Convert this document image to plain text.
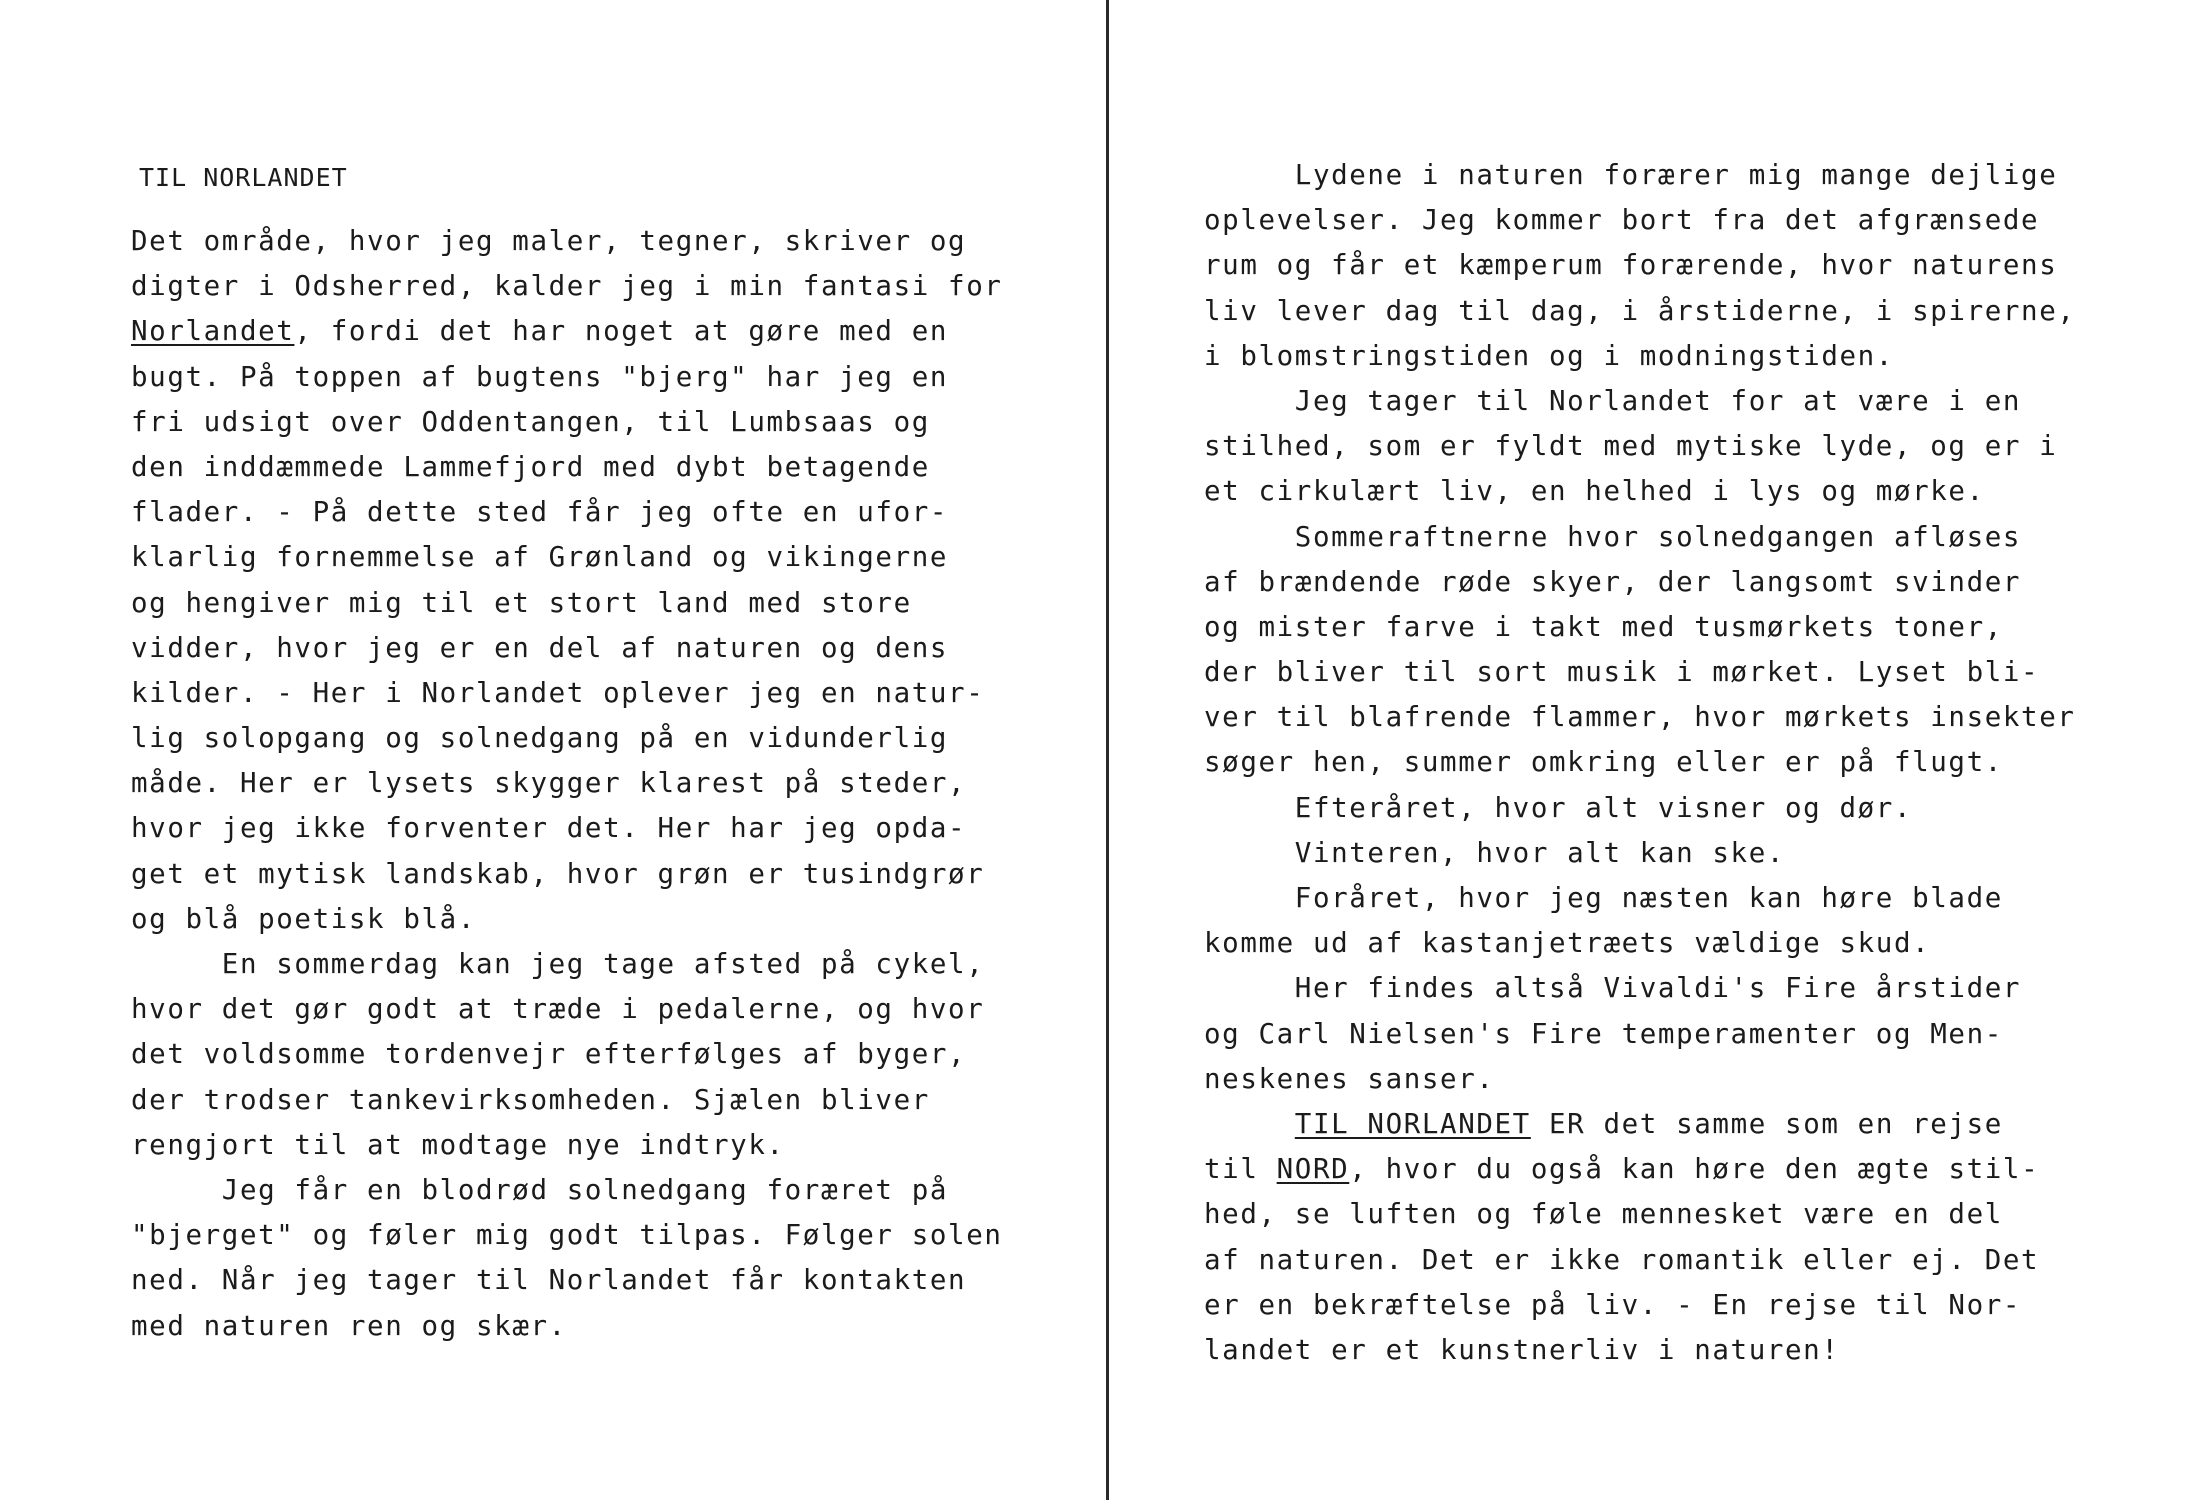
TIL NORLANDET
Det område, hvor jeg maler, tegner, skriver og
digter i Odsherred, kalder jeg i min fantasi for
Norlandet, fordi det har noget at gøre med en
bugt. På toppen af bugtens "bjerg" har jeg en
fri udsigt over Oddentangen, til Lumbsaas og
den inddæmmede Lammefjord med dybt betagende
flader. - På dette sted får jeg ofte en ufor-
klarlig fornemmelse af Grønland og vikingerne
og hengiver mig til et stort land med store
vidder, hvor jeg er en del af naturen og dens
kilder. - Her i Norlandet oplever jeg en natur-
lig solopgang og solnedgang på en vidunderlig
måde. Her er lysets skygger klarest på steder,
hvor jeg ikke forventer det. Her har jeg opda-
get et mytisk landskab, hvor grøn er tusindgrør
og blå poetisk blå.
En sommerdag kan jeg tage afsted på cykel,
hvor det gør godt at træde i pedalerne, og hvor
det voldsomme tordenvejr efterfølges af byger,
der trodser tankevirksomheden. Sjælen bliver
rengjort til at modtage nye indtryk.
Jeg får en blodrød solnedgang foræret på
"bjerget" og føler mig godt tilpas. Følger solen
ned. Når jeg tager til Norlandet får kontakten
med naturen ren og skær.
Lydene i naturen forærer mig mange dejlige
oplevelser. Jeg kommer bort fra det afgrænsede
rum og får et kæmperum forærende, hvor naturens
liv lever dag til dag, i årstiderne, i spirerne,
i blomstringstiden og i modningstiden.
Jeg tager til Norlandet for at være i en
stilhed, som er fyldt med mytiske lyde, og er i
et cirkulært liv, en helhed i lys og mørke.
Sommeraftnerne hvor solnedgangen afløses
af brændende røde skyer, der langsomt svinder
og mister farve i takt med tusmørkets toner,
der bliver til sort musik i mørket. Lyset bli-
ver til blafrende flammer, hvor mørkets insekter
søger hen, summer omkring eller er på flugt.
Efteråret, hvor alt visner og dør.
Vinteren, hvor alt kan ske.
Foråret, hvor jeg næsten kan høre blade
komme ud af kastanjetræets vældige skud.
Her findes altså Vivaldi's Fire årstider
og Carl Nielsen's Fire temperamenter og Men-
neskenes sanser.
TIL NORLANDET ER det samme som en rejse
til NORD, hvor du også kan høre den ægte stil-
hed, se luften og føle mennesket være en del
af naturen. Det er ikke romantik eller ej. Det
er en bekræftelse på liv. - En rejse til Nor-
landet er et kunstnerliv i naturen!
